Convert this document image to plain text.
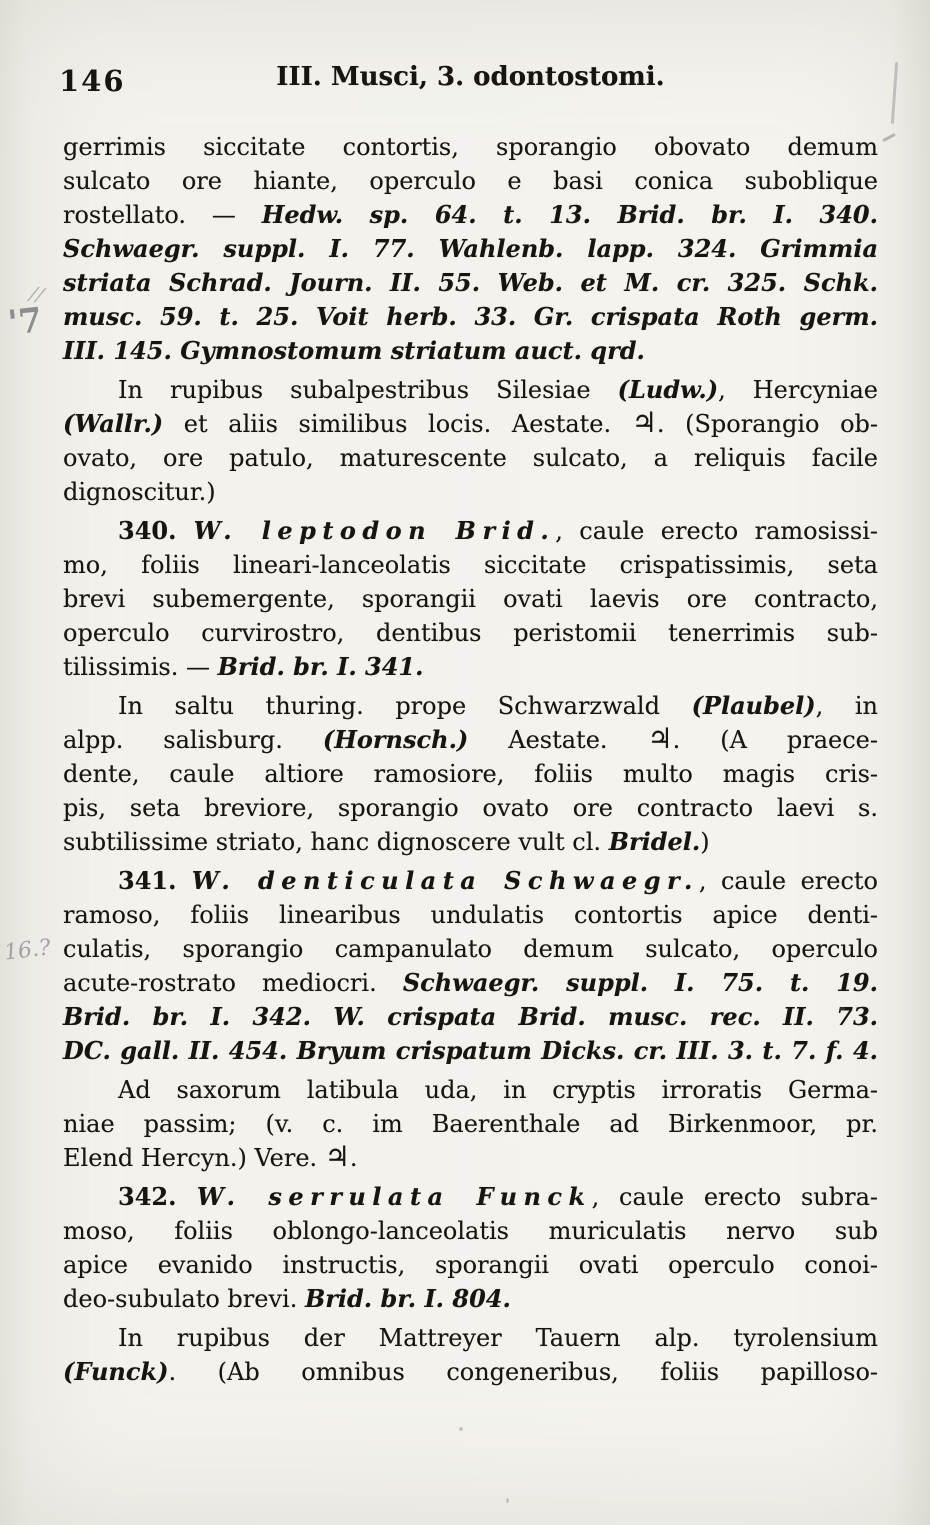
146	III. Musci, 3. odontostomi.
gerrimis siccitate contortis, sporangio obovato demum
sulcato ore hiante, operculo e basi conica suboblique
rostellato. — Hedw. sp. 64. t. 13. Brid. br. I. 340.
Schwaegr. suppl. I. 77. Wahlenb. lapp. 324. Grimmia
striata Schrad. Journ. II. 55. Web. et M. cr. 325. Schk.
musc. 59. t. 25. Voit herb. 33. Gr. crispata Roth germ.
III. 145. Gymnostomum striatum auct. qrd.
In rupibus subalpestribus Silesiae (Ludw.), Hercyniae
(Wallr.) et aliis similibus locis. Aestate. ♃. (Sporangio ob-
ovato, ore patulo, maturescente sulcato, a reliquis facile
dignoscitur.)
340. W. leptodon Brid., caule erecto ramosissi-
mo, foliis lineari-lanceolatis siccitate crispatissimis, seta
brevi subemergente, sporangii ovati laevis ore contracto,
operculo curvirostro, dentibus peristomii tenerrimis sub-
tilissimis. — Brid. br. I. 341.
In saltu thuring. prope Schwarzwald (Plaubel), in
alpp. salisburg. (Hornsch.) Aestate. ♃. (A praece-
dente, caule altiore ramosiore, foliis multo magis cris-
pis, seta breviore, sporangio ovato ore contracto laevi s.
subtilissime striato, hanc dignoscere vult cl. Bridel.)
341. W. denticulata Schwaegr., caule erecto
ramoso, foliis linearibus undulatis contortis apice denti-
culatis, sporangio campanulato demum sulcato, operculo
acute-rostrato mediocri. Schwaegr. suppl. I. 75. t. 19.
Brid. br. I. 342. W. crispata Brid. musc. rec. II. 73.
DC. gall. II. 454. Bryum crispatum Dicks. cr. III. 3. t. 7. f. 4.
Ad saxorum latibula uda, in cryptis irroratis Germa-
niae passim; (v. c. im Baerenthale ad Birkenmoor, pr.
Elend Hercyn.) Vere. ♃.
342. W. serrulata Funck, caule erecto subra-
moso, foliis oblongo-lanceolatis muriculatis nervo sub
apice evanido instructis, sporangii ovati operculo conoi-
deo-subulato brevi. Brid. br. I. 804.
In rupibus der Mattreyer Tauern alp. tyrolensium
(Funck). (Ab omnibus congeneribus, foliis papilloso-
//
'7
16.?
